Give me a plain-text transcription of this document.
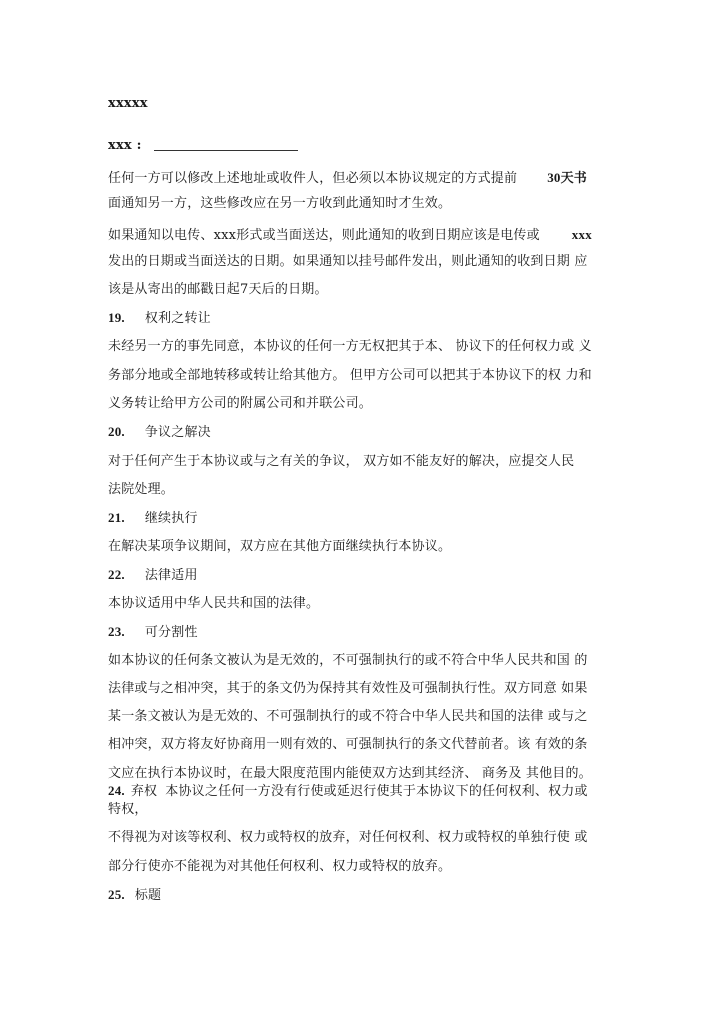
xxxxx
xxx :
任何一方可以修改上述地址或收件人，但必须以本协议规定的方式提前 30天书
面通知另一方，这些修改应在另一方收到此通知时才生效。
如果通知以电传、xxx形式或当面送达，则此通知的收到日期应该是电传或 xxx
发出的日期或当面送达的日期。如果通知以挂号邮件发出，则此通知的收到日期 应
该是从寄出的邮戳日起7天后的日期。
19. 权利之转让
未经另一方的事先同意，本协议的任何一方无权把其于本、 协议下的任何权力或 义
务部分地或全部地转移或转让给其他方。 但甲方公司可以把其于本协议下的权 力和
义务转让给甲方公司的附属公司和并联公司。
20. 争议之解决
对于任何产生于本协议或与之有关的争议， 双方如不能友好的解决，应提交人民
法院处理。
21. 继续执行
在解决某项争议期间，双方应在其他方面继续执行本协议。
22. 法律适用
本协议适用中华人民共和国的法律。
23. 可分割性
如本协议的任何条文被认为是无效的，不可强制执行的或不符合中华人民共和国 的
法律或与之相冲突，其于的条文仍为保持其有效性及可强制执行性。双方同意 如果
某一条文被认为是无效的、不可强制执行的或不符合中华人民共和国的法律 或与之
相冲突，双方将友好协商用一则有效的、可强制执行的条文代替前者。该 有效的条
文应在执行本协议时，在最大限度范围内能使双方达到其经济、 商务及 其他目的。
24. 弃权 本协议之任何一方没有行使或延迟行使其于本协议下的任何权利、权力或
特权，
不得视为对该等权利、权力或特权的放弃，对任何权利、权力或特权的单独行使 或
部分行使亦不能视为对其他任何权利、权力或特权的放弃。
25. 标题
